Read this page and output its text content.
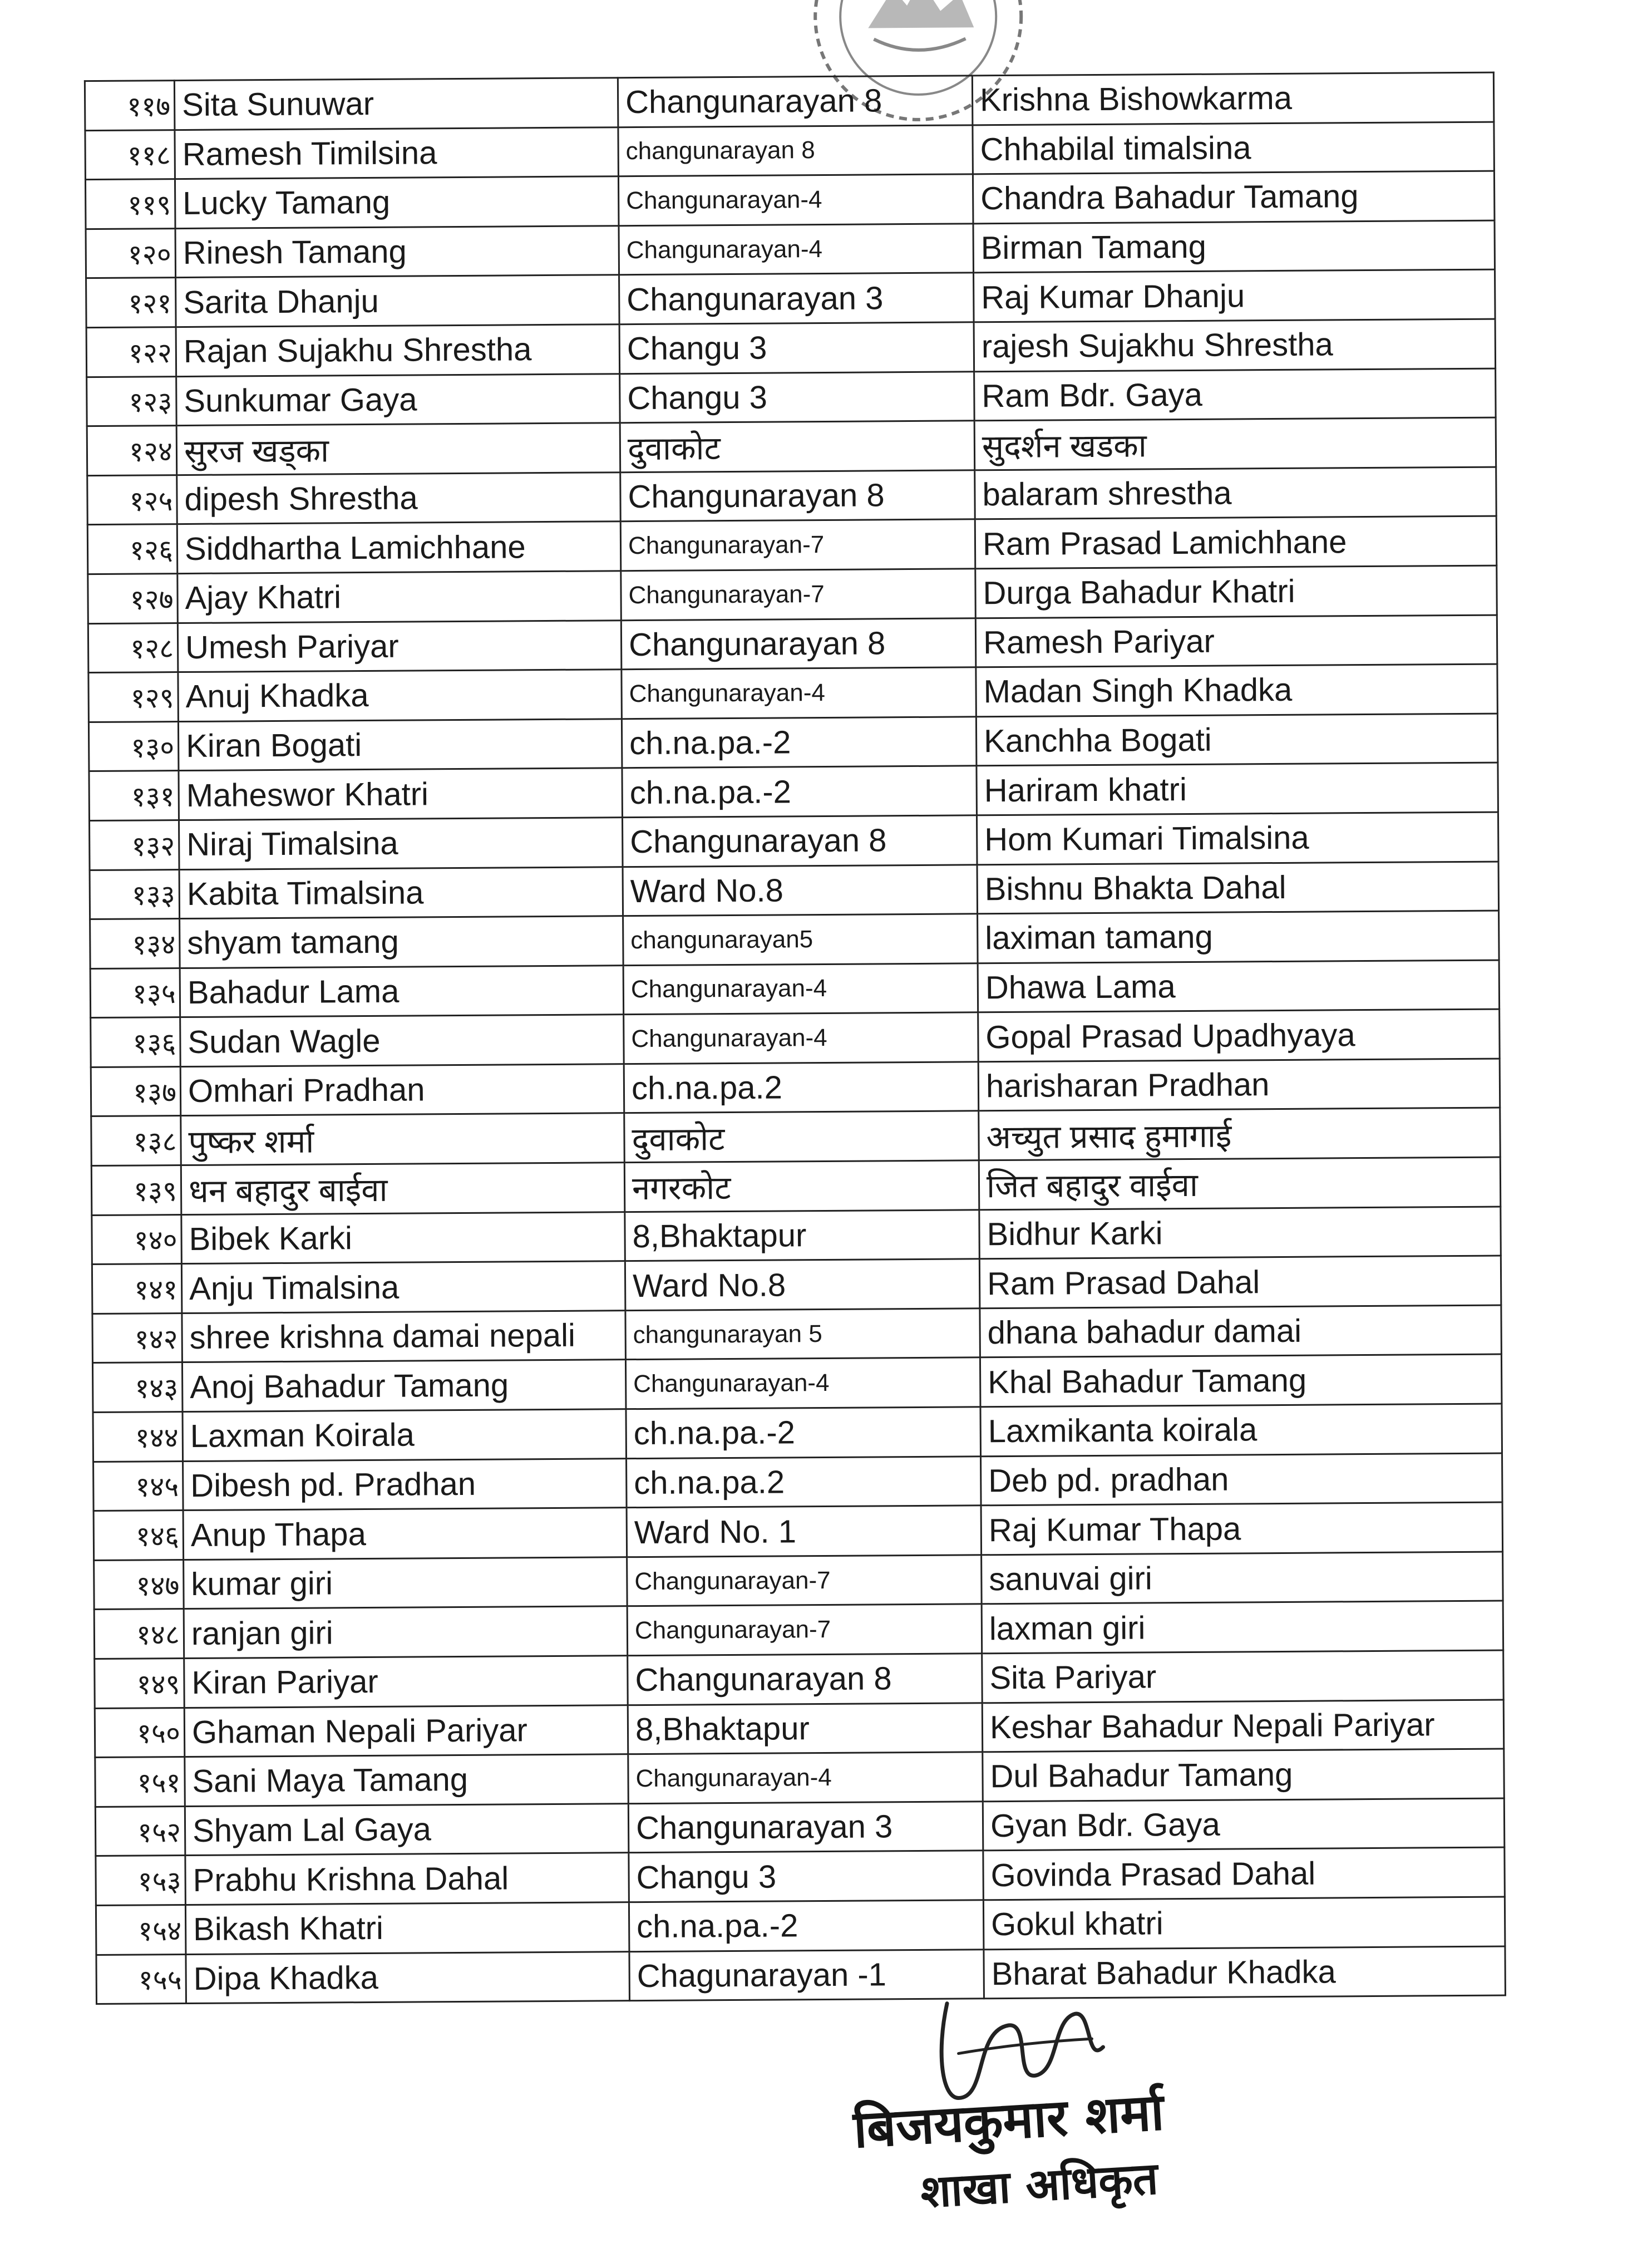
११७	Sita Sunuwar	Changunarayan 8	Krishna Bishowkarma
११८	Ramesh Timilsina	changunarayan 8	Chhabilal timalsina
११९	Lucky Tamang	Changunarayan-4	Chandra Bahadur Tamang
१२०	Rinesh Tamang	Changunarayan-4	Birman Tamang
१२१	Sarita Dhanju	Changunarayan 3	Raj Kumar Dhanju
१२२	Rajan Sujakhu Shrestha	Changu 3	rajesh Sujakhu Shrestha
१२३	Sunkumar Gaya	Changu 3	Ram Bdr. Gaya
१२४	सुरज खड्का	दुवाकोट	सुदर्शन खडका
१२५	dipesh Shrestha	Changunarayan 8	balaram shrestha
१२६	Siddhartha Lamichhane	Changunarayan-7	Ram Prasad Lamichhane
१२७	Ajay Khatri	Changunarayan-7	Durga Bahadur Khatri
१२८	Umesh Pariyar	Changunarayan 8	Ramesh Pariyar
१२९	Anuj Khadka	Changunarayan-4	Madan Singh Khadka
१३०	Kiran Bogati	ch.na.pa.-2	Kanchha Bogati
१३१	Maheswor Khatri	ch.na.pa.-2	Hariram khatri
१३२	Niraj Timalsina	Changunarayan 8	Hom Kumari Timalsina
१३३	Kabita Timalsina	Ward No.8	Bishnu Bhakta Dahal
१३४	shyam tamang	changunarayan5	laximan tamang
१३५	Bahadur Lama	Changunarayan-4	Dhawa Lama
१३६	Sudan Wagle	Changunarayan-4	Gopal Prasad Upadhyaya
१३७	Omhari Pradhan	ch.na.pa.2	harisharan Pradhan
१३८	पुष्कर शर्मा	दुवाकोट	अच्युत प्रसाद हुमागाई
१३९	धन बहादुर बाईवा	नगरकोट	जित बहादुर वाईवा
१४०	Bibek Karki	8,Bhaktapur	Bidhur Karki
१४१	Anju Timalsina	Ward No.8	Ram Prasad Dahal
१४२	shree krishna damai nepali	changunarayan 5	dhana bahadur damai
१४३	Anoj Bahadur Tamang	Changunarayan-4	Khal Bahadur Tamang
१४४	Laxman Koirala	ch.na.pa.-2	Laxmikanta koirala
१४५	Dibesh pd. Pradhan	ch.na.pa.2	Deb pd. pradhan
१४६	Anup Thapa	Ward No. 1	Raj Kumar Thapa
१४७	kumar giri	Changunarayan-7	sanuvai giri
१४८	ranjan giri	Changunarayan-7	laxman giri
१४९	Kiran Pariyar	Changunarayan 8	Sita Pariyar
१५०	Ghaman Nepali Pariyar	8,Bhaktapur	Keshar Bahadur Nepali Pariyar
१५१	Sani Maya Tamang	Changunarayan-4	Dul Bahadur Tamang
१५२	Shyam Lal Gaya	Changunarayan 3	Gyan Bdr. Gaya
१५३	Prabhu Krishna Dahal	Changu 3	Govinda Prasad Dahal
१५४	Bikash Khatri	ch.na.pa.-2	Gokul khatri
१५५	Dipa Khadka	Chagunarayan -1	Bharat Bahadur Khadka
बिजयकुमार शर्मा
शाखा अधिकृत
